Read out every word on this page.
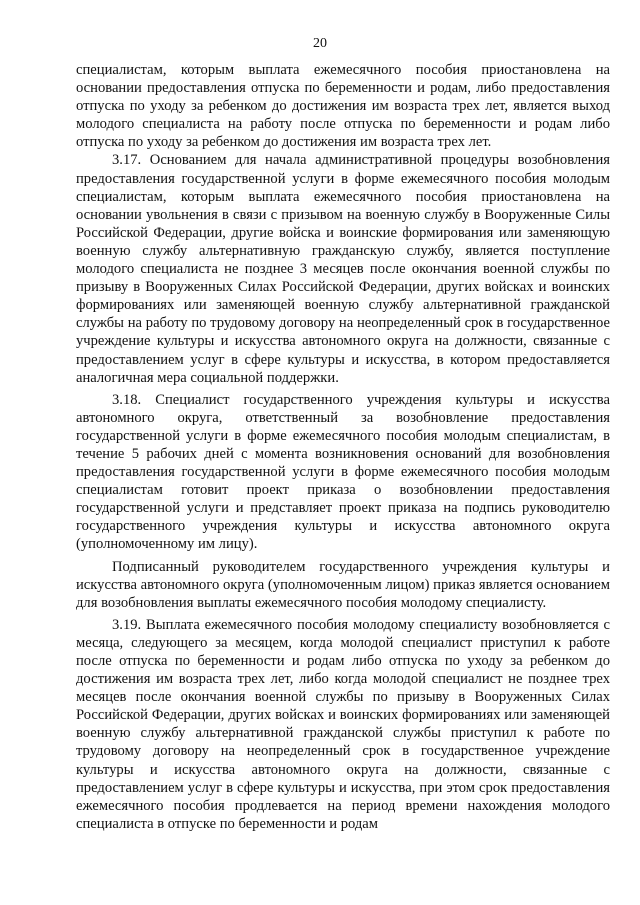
20

специалистам, которым выплата ежемесячного пособия приостановлена на основании предоставления отпуска по беременности и родам, либо предоставления отпуска по уходу за ребенком до достижения им возраста трех лет, является выход молодого специалиста на работу после отпуска по беременности и родам либо отпуска по уходу за ребенком до достижения им возраста трех лет.

3.17. Основанием для начала административной процедуры возобновления предоставления государственной услуги в форме ежемесячного пособия молодым специалистам, которым выплата ежемесячного пособия приостановлена на основании увольнения в связи с призывом на военную службу в Вооруженные Силы Российской Федерации, другие войска и воинские формирования или заменяющую военную службу альтернативную гражданскую службу, является поступление молодого специалиста не позднее 3 месяцев после окончания военной службы по призыву в Вооруженных Силах Российской Федерации, других войсках и воинских формированиях или заменяющей военную службу альтернативной гражданской службы на работу по трудовому договору на неопределенный срок в государственное учреждение культуры и искусства автономного округа на должности, связанные с предоставлением услуг в сфере культуры и искусства, в котором предоставляется аналогичная мера социальной поддержки.

3.18. Специалист государственного учреждения культуры и искусства автономного округа, ответственный за возобновление предоставления государственной услуги в форме ежемесячного пособия молодым специалистам, в течение 5 рабочих дней с момента возникновения оснований для возобновления предоставления государственной услуги в форме ежемесячного пособия молодым специалистам готовит проект приказа о возобновлении предоставления государственной услуги и представляет проект приказа на подпись руководителю государственного учреждения культуры и искусства автономного округа (уполномоченному им лицу).

Подписанный руководителем государственного учреждения культуры и искусства автономного округа (уполномоченным лицом) приказ является основанием для возобновления выплаты ежемесячного пособия молодому специалисту.

3.19. Выплата ежемесячного пособия молодому специалисту возобновляется с месяца, следующего за месяцем, когда молодой специалист приступил к работе после отпуска по беременности и родам либо отпуска по уходу за ребенком до достижения им возраста трех лет, либо когда молодой специалист не позднее трех месяцев после окончания военной службы по призыву в Вооруженных Силах Российской Федерации, других войсках и воинских формированиях или заменяющей военную службу альтернативной гражданской службы приступил к работе по трудовому договору на неопределенный срок в государственное учреждение культуры и искусства автономного округа на должности, связанные с предоставлением услуг в сфере культуры и искусства, при этом срок предоставления ежемесячного пособия продлевается на период времени нахождения молодого специалиста в отпуске по беременности и родам
